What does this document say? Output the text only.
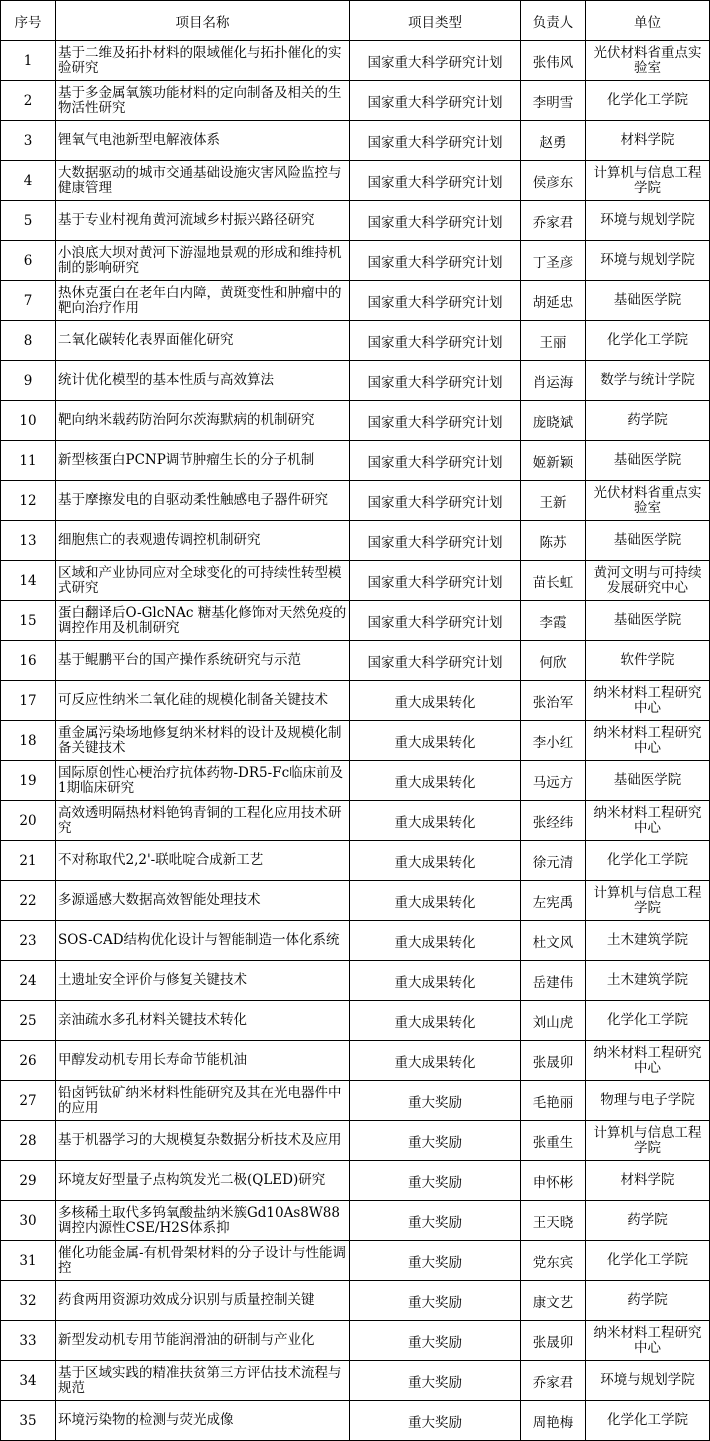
序号	项目名称	项目类型	负责人	单位
1	基于二维及拓扑材料的限域催化与拓扑催化的实验研究	国家重大科学研究计划	张伟风	光伏材料省重点实验室
2	基于多金属氧簇功能材料的定向制备及相关的生物活性研究	国家重大科学研究计划	李明雪	化学化工学院
3	锂氧气电池新型电解液体系	国家重大科学研究计划	赵勇	材料学院
4	大数据驱动的城市交通基础设施灾害风险监控与健康管理	国家重大科学研究计划	侯彦东	计算机与信息工程学院
5	基于专业村视角黄河流域乡村振兴路径研究	国家重大科学研究计划	乔家君	环境与规划学院
6	小浪底大坝对黄河下游湿地景观的形成和维持机制的影响研究	国家重大科学研究计划	丁圣彦	环境与规划学院
7	热休克蛋白在老年白内障，黄斑变性和肿瘤中的靶向治疗作用	国家重大科学研究计划	胡延忠	基础医学院
8	二氧化碳转化表界面催化研究	国家重大科学研究计划	王丽	化学化工学院
9	统计优化模型的基本性质与高效算法	国家重大科学研究计划	肖运海	数学与统计学院
10	靶向纳米载药防治阿尔茨海默病的机制研究	国家重大科学研究计划	庞晓斌	药学院
11	新型核蛋白PCNP调节肿瘤生长的分子机制	国家重大科学研究计划	姬新颖	基础医学院
12	基于摩擦发电的自驱动柔性触感电子器件研究	国家重大科学研究计划	王新	光伏材料省重点实验室
13	细胞焦亡的表观遗传调控机制研究	国家重大科学研究计划	陈苏	基础医学院
14	区域和产业协同应对全球变化的可持续性转型模式研究	国家重大科学研究计划	苗长虹	黄河文明与可持续发展研究中心
15	蛋白翻译后O-GlcNAc 糖基化修饰对天然免疫的调控作用及机制研究	国家重大科学研究计划	李霞	基础医学院
16	基于鲲鹏平台的国产操作系统研究与示范	国家重大科学研究计划	何欣	软件学院
17	可反应性纳米二氧化硅的规模化制备关键技术	重大成果转化	张治军	纳米材料工程研究中心
18	重金属污染场地修复纳米材料的设计及规模化制备关键技术	重大成果转化	李小红	纳米材料工程研究中心
19	国际原创性心梗治疗抗体药物-DR5-Fc临床前及1期临床研究	重大成果转化	马远方	基础医学院
20	高效透明隔热材料铯钨青铜的工程化应用技术研究	重大成果转化	张经纬	纳米材料工程研究中心
21	不对称取代2,2'-联吡啶合成新工艺	重大成果转化	徐元清	化学化工学院
22	多源遥感大数据高效智能处理技术	重大成果转化	左宪禹	计算机与信息工程学院
23	SOS-CAD结构优化设计与智能制造一体化系统	重大成果转化	杜文风	土木建筑学院
24	土遗址安全评价与修复关键技术	重大成果转化	岳建伟	土木建筑学院
25	亲油疏水多孔材料关键技术转化	重大成果转化	刘山虎	化学化工学院
26	甲醇发动机专用长寿命节能机油	重大成果转化	张晟卯	纳米材料工程研究中心
27	铅卤钙钛矿纳米材料性能研究及其在光电器件中的应用	重大奖励	毛艳丽	物理与电子学院
28	基于机器学习的大规模复杂数据分析技术及应用	重大奖励	张重生	计算机与信息工程学院
29	环境友好型量子点构筑发光二极(QLED)研究	重大奖励	申怀彬	材料学院
30	多核稀土取代多钨氧酸盐纳米簇Gd10As8W88调控内源性CSE/H2S体系抑	重大奖励	王天晓	药学院
31	催化功能金属-有机骨架材料的分子设计与性能调控	重大奖励	党东宾	化学化工学院
32	药食两用资源功效成分识别与质量控制关键	重大奖励	康文艺	药学院
33	新型发动机专用节能润滑油的研制与产业化	重大奖励	张晟卯	纳米材料工程研究中心
34	基于区域实践的精准扶贫第三方评估技术流程与规范	重大奖励	乔家君	环境与规划学院
35	环境污染物的检测与荧光成像	重大奖励	周艳梅	化学化工学院
